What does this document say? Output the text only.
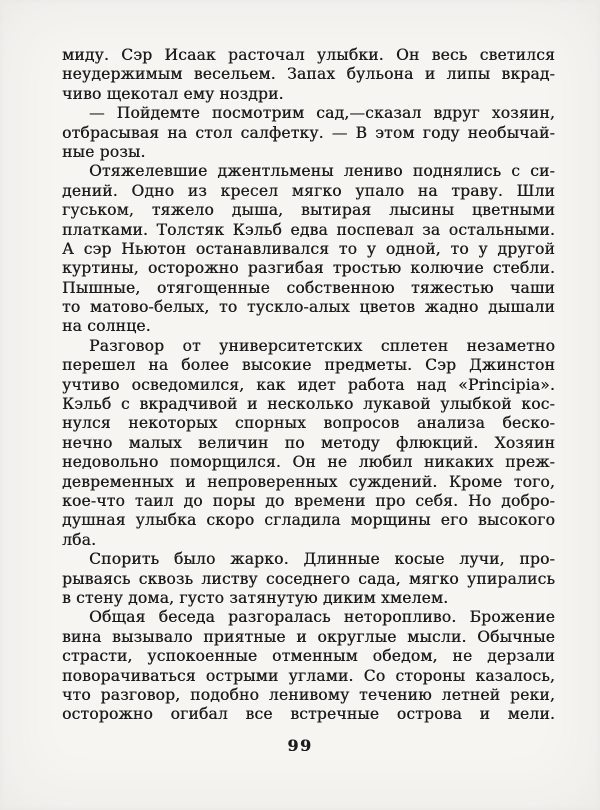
миду. Сэр Исаак расточал улыбки. Он весь светился
неудержимым весельем. Запах бульона и липы вкрад-
чиво щекотал ему ноздри.
— Пойдемте посмотрим сад,—сказал вдруг хозяин,
отбрасывая на стол салфетку. — В этом году необычай-
ные розы.
Отяжелевшие джентльмены лениво поднялись с си-
дений. Одно из кресел мягко упало на траву. Шли
гуськом, тяжело дыша, вытирая лысины цветными
платками. Толстяк Кэльб едва поспевал за остальными.
А сэр Ньютон останавливался то у одной, то у другой
куртины, осторожно разгибая тростью колючие стебли.
Пышные, отягощенные собственною тяжестью чаши
то матово-белых, то тускло-алых цветов жадно дышали
на солнце.
Разговор от университетских сплетен незаметно
перешел на более высокие предметы. Сэр Джинстон
учтиво осведомился, как идет работа над «Principia».
Кэльб с вкрадчивой и несколько лукавой улыбкой кос-
нулся некоторых спорных вопросов анализа беско-
нечно малых величин по методу флюкций. Хозяин
недовольно поморщился. Он не любил никаких преж-
девременных и непроверенных суждений. Кроме того,
кое-что таил до поры до времени про себя. Но добро-
душная улыбка скоро сгладила морщины его высокого
лба.
Спорить было жарко. Длинные косые лучи, про-
рываясь сквозь листву соседнего сада, мягко упирались
в стену дома, густо затянутую диким хмелем.
Общая беседа разгоралась неторопливо. Брожение
вина вызывало приятные и округлые мысли. Обычные
страсти, успокоенные отменным обедом, не дерзали
поворачиваться острыми углами. Со стороны казалось,
что разговор, подобно ленивому течению летней реки,
осторожно огибал все встречные острова и мели.
99
